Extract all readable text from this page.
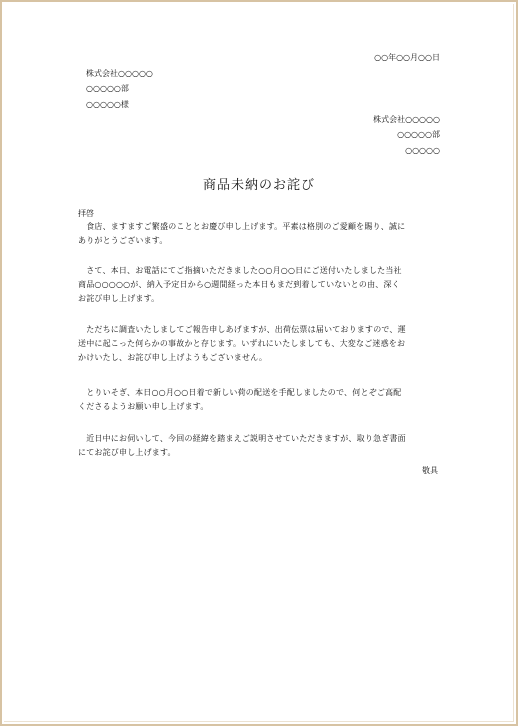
○○年○○月○○日
株式会社○○○○○
○○○○○部
○○○○○様
株式会社○○○○○
○○○○○部
○○○○○
商品未納のお詫び
拝啓
　食店、ますますご繁盛のこととお慶び申し上げます。平素は格別のご愛顧を賜り、誠に
ありがとうございます。
　さて、本日、お電話にてご指摘いただきました○○月○○日にご送付いたしました当社
商品○○○○○が、納入予定日から○週間経った本日もまだ到着していないとの由、深く
お詫び申し上げます。
　ただちに調査いたしましてご報告申しあげますが、出荷伝票は届いておりますので、運
送中に起こった何らかの事故かと存じます。いずれにいたしましても、大変なご迷惑をお
かけいたし、お詫び申し上げようもございません。
　とりいそぎ、本日○○月○○日着で新しい荷の配送を手配しましたので、何とぞご高配
くださるようお願い申し上げます。
　近日中にお伺いして、今回の経緯を踏まえご説明させていただきますが、取り急ぎ書面
にてお詫び申し上げます。
敬具
